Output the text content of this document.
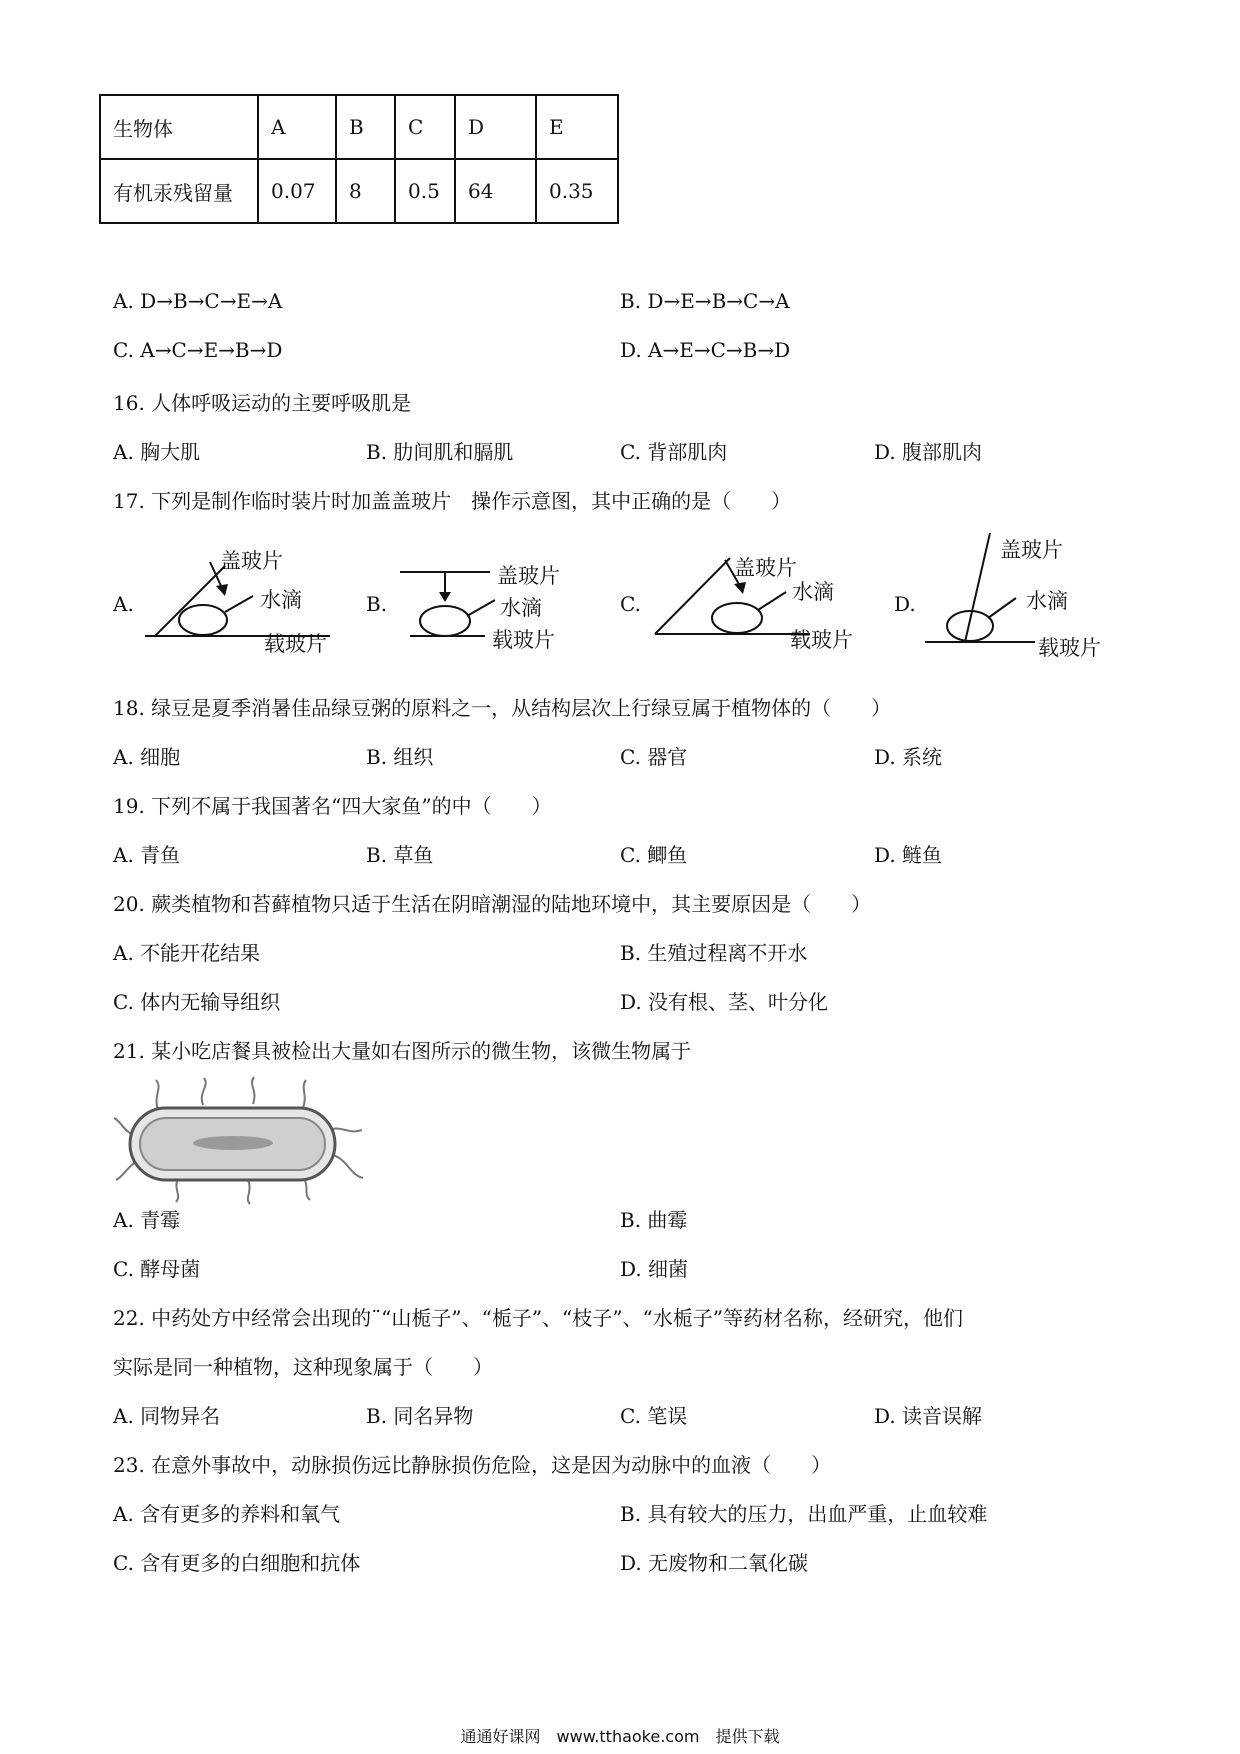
生物体	A	B	C	D	E
有机汞残留量	0.07	8	0.5	64	0.35
A. D→B→C→E→A	B. D→E→B→C→A
C. A→C→E→B→D	D. A→E→C→B→D
16. 人体呼吸运动的主要呼吸肌是
A. 胸大肌	B. 肋间肌和膈肌	C. 背部肌肉	D. 腹部肌肉
17. 下列是制作临时装片时加盖盖玻片　操作示意图，其中正确的是（　　）
A.
盖玻片
水滴
载玻片
B.
盖玻片
水滴
载玻片
C.
盖玻片
水滴
载玻片
D.
盖玻片
水滴
载玻片
18. 绿豆是夏季消暑佳品绿豆粥的原料之一，从结构层次上行绿豆属于植物体的（　　）
A. 细胞	B. 组织	C. 器官	D. 系统
19. 下列不属于我国著名“四大家鱼”的中（　　）
A. 青鱼	B. 草鱼	C. 鲫鱼	D. 鲢鱼
20. 蕨类植物和苔藓植物只适于生活在阴暗潮湿的陆地环境中，其主要原因是（　　）
A. 不能开花结果	B. 生殖过程离不开水
C. 体内无输导组织	D. 没有根、茎、叶分化
21. 某小吃店餐具被检出大量如右图所示的微生物，该微生物属于
A. 青霉	B. 曲霉
C. 酵母菌	D. 细菌
22. 中药处方中经常会出现的¨“山栀子”、“栀子”、“枝子”、“水栀子”等药材名称，经研究，他们
实际是同一种植物，这种现象属于（　　）
A. 同物异名	B. 同名异物	C. 笔误	D. 读音误解
23. 在意外事故中，动脉损伤远比静脉损伤危险，这是因为动脉中的血液（　　）
A. 含有更多的养料和氧气	B. 具有较大的压力，出血严重，止血较难
C. 含有更多的白细胞和抗体	D. 无废物和二氧化碳
通通好课网　www.tthaoke.com　提供下载
